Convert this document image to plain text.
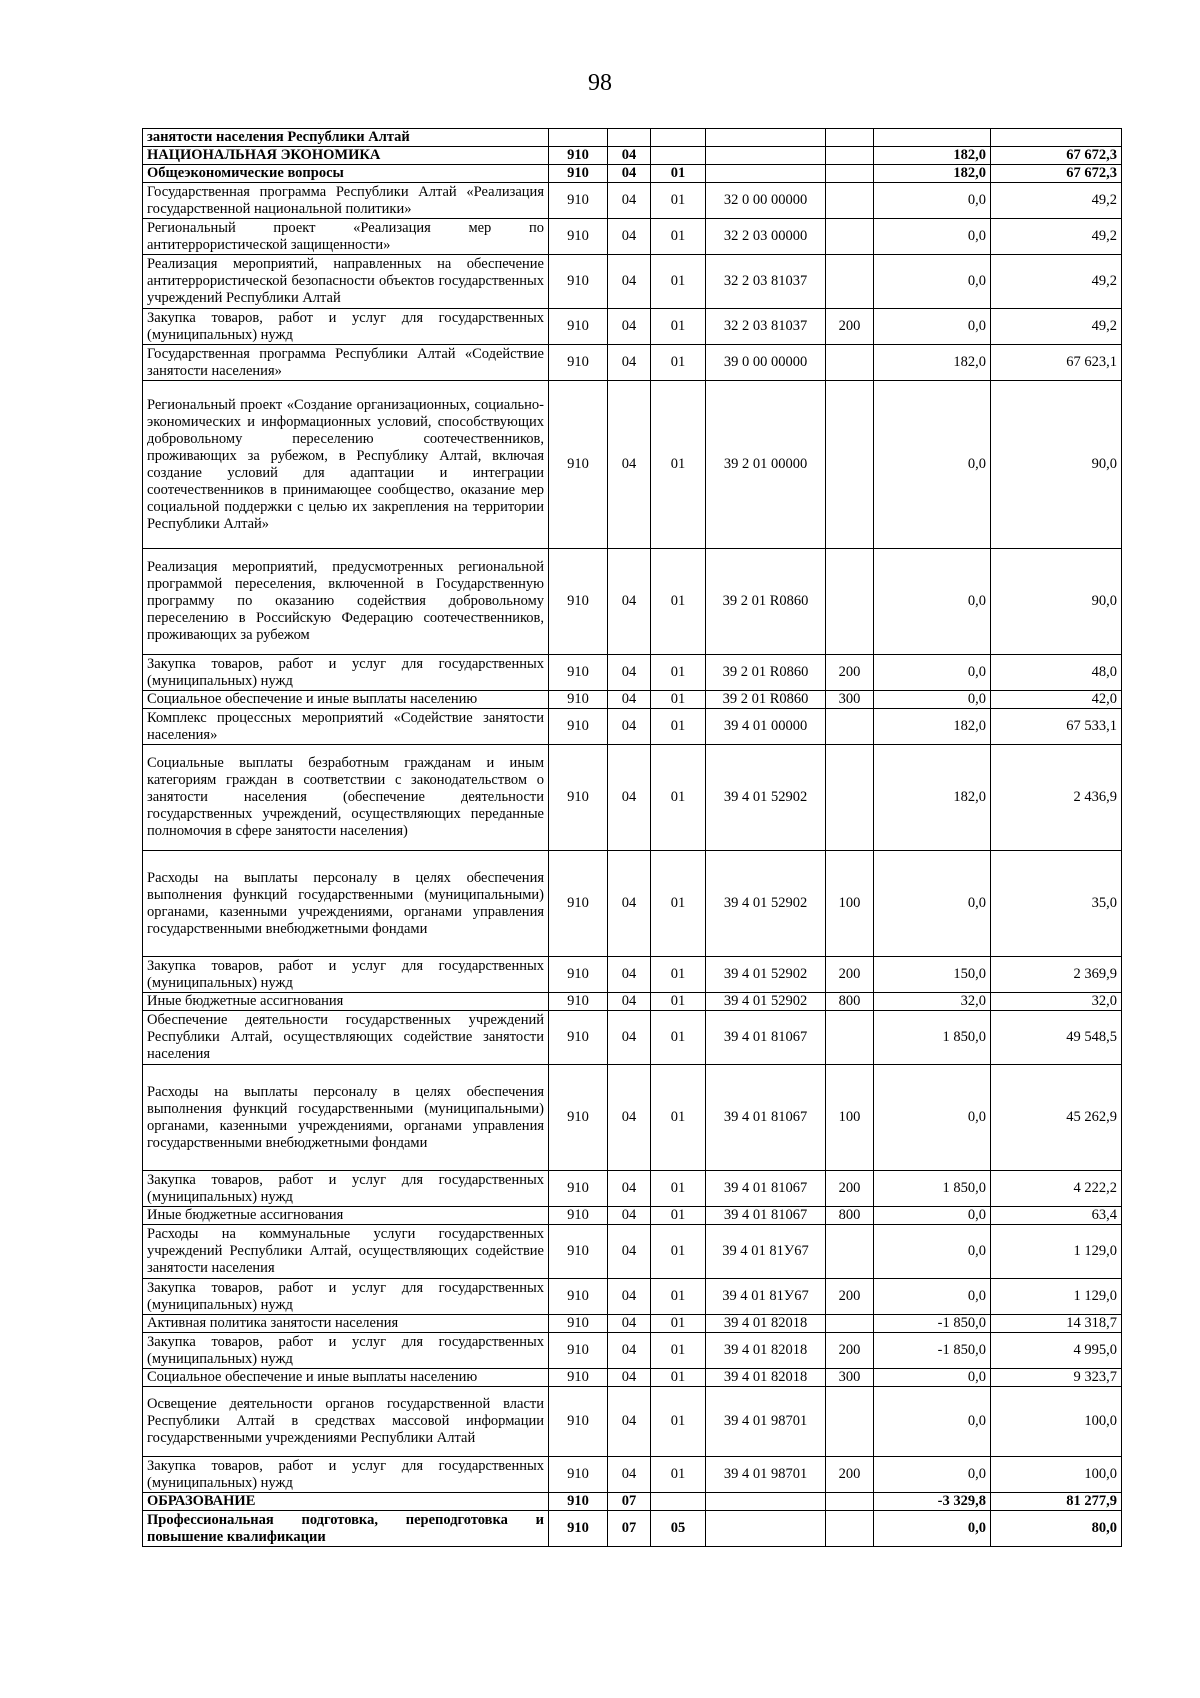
98
занятости населения Республики Алтай							
НАЦИОНАЛЬНАЯ ЭКОНОМИКА	910	04				182,0	67 672,3
Общеэкономические вопросы	910	04	01			182,0	67 672,3
Государственная программа Республики Алтай «Реализация государственной национальной политики»	910	04	01	32 0 00 00000		0,0	49,2
Региональный проект «Реализация мер по антитеррористической защищенности»	910	04	01	32 2 03 00000		0,0	49,2
Реализация мероприятий, направленных на обеспечение антитеррористической безопасности объектов государственных учреждений Республики Алтай	910	04	01	32 2 03 81037		0,0	49,2
Закупка товаров, работ и услуг для государственных (муниципальных) нужд	910	04	01	32 2 03 81037	200	0,0	49,2
Государственная программа Республики Алтай «Содействие занятости населения»	910	04	01	39 0 00 00000		182,0	67 623,1
Региональный проект «Создание организационных, социально-экономических и информационных условий, способствующих добровольному переселению соотечественников, проживающих за рубежом, в Республику Алтай, включая создание условий для адаптации и интеграции соотечественников в принимающее сообщество, оказание мер социальной поддержки с целью их закрепления на территории Республики Алтай»	910	04	01	39 2 01 00000		0,0	90,0
Реализация мероприятий, предусмотренных региональной программой переселения, включенной в Государственную программу по оказанию содействия добровольному переселению в Российскую Федерацию соотечественников, проживающих за рубежом	910	04	01	39 2 01 R0860		0,0	90,0
Закупка товаров, работ и услуг для государственных (муниципальных) нужд	910	04	01	39 2 01 R0860	200	0,0	48,0
Социальное обеспечение и иные выплаты населению	910	04	01	39 2 01 R0860	300	0,0	42,0
Комплекс процессных мероприятий «Содействие занятости населения»	910	04	01	39 4 01 00000		182,0	67 533,1
Социальные выплаты безработным гражданам и иным категориям граждан в соответствии с законодательством о занятости населения (обеспечение деятельности государственных учреждений, осуществляющих переданные полномочия в сфере занятости населения)	910	04	01	39 4 01 52902		182,0	2 436,9
Расходы на выплаты персоналу в целях обеспечения выполнения функций государственными (муниципальными) органами, казенными учреждениями, органами управления государственными внебюджетными фондами	910	04	01	39 4 01 52902	100	0,0	35,0
Закупка товаров, работ и услуг для государственных (муниципальных) нужд	910	04	01	39 4 01 52902	200	150,0	2 369,9
Иные бюджетные ассигнования	910	04	01	39 4 01 52902	800	32,0	32,0
Обеспечение деятельности государственных учреждений Республики Алтай, осуществляющих содействие занятости населения	910	04	01	39 4 01 81067		1 850,0	49 548,5
Расходы на выплаты персоналу в целях обеспечения выполнения функций государственными (муниципальными) органами, казенными учреждениями, органами управления государственными внебюджетными фондами	910	04	01	39 4 01 81067	100	0,0	45 262,9
Закупка товаров, работ и услуг для государственных (муниципальных) нужд	910	04	01	39 4 01 81067	200	1 850,0	4 222,2
Иные бюджетные ассигнования	910	04	01	39 4 01 81067	800	0,0	63,4
Расходы на коммунальные услуги государственных учреждений Республики Алтай, осуществляющих содействие занятости населения	910	04	01	39 4 01 81У67		0,0	1 129,0
Закупка товаров, работ и услуг для государственных (муниципальных) нужд	910	04	01	39 4 01 81У67	200	0,0	1 129,0
Активная политика занятости населения	910	04	01	39 4 01 82018		-1 850,0	14 318,7
Закупка товаров, работ и услуг для государственных (муниципальных) нужд	910	04	01	39 4 01 82018	200	-1 850,0	4 995,0
Социальное обеспечение и иные выплаты населению	910	04	01	39 4 01 82018	300	0,0	9 323,7
Освещение деятельности органов государственной власти Республики Алтай в средствах массовой информации государственными учреждениями Республики Алтай	910	04	01	39 4 01 98701		0,0	100,0
Закупка товаров, работ и услуг для государственных (муниципальных) нужд	910	04	01	39 4 01 98701	200	0,0	100,0
ОБРАЗОВАНИЕ	910	07				-3 329,8	81 277,9
Профессиональная подготовка, переподготовка и повышение квалификации	910	07	05			0,0	80,0
